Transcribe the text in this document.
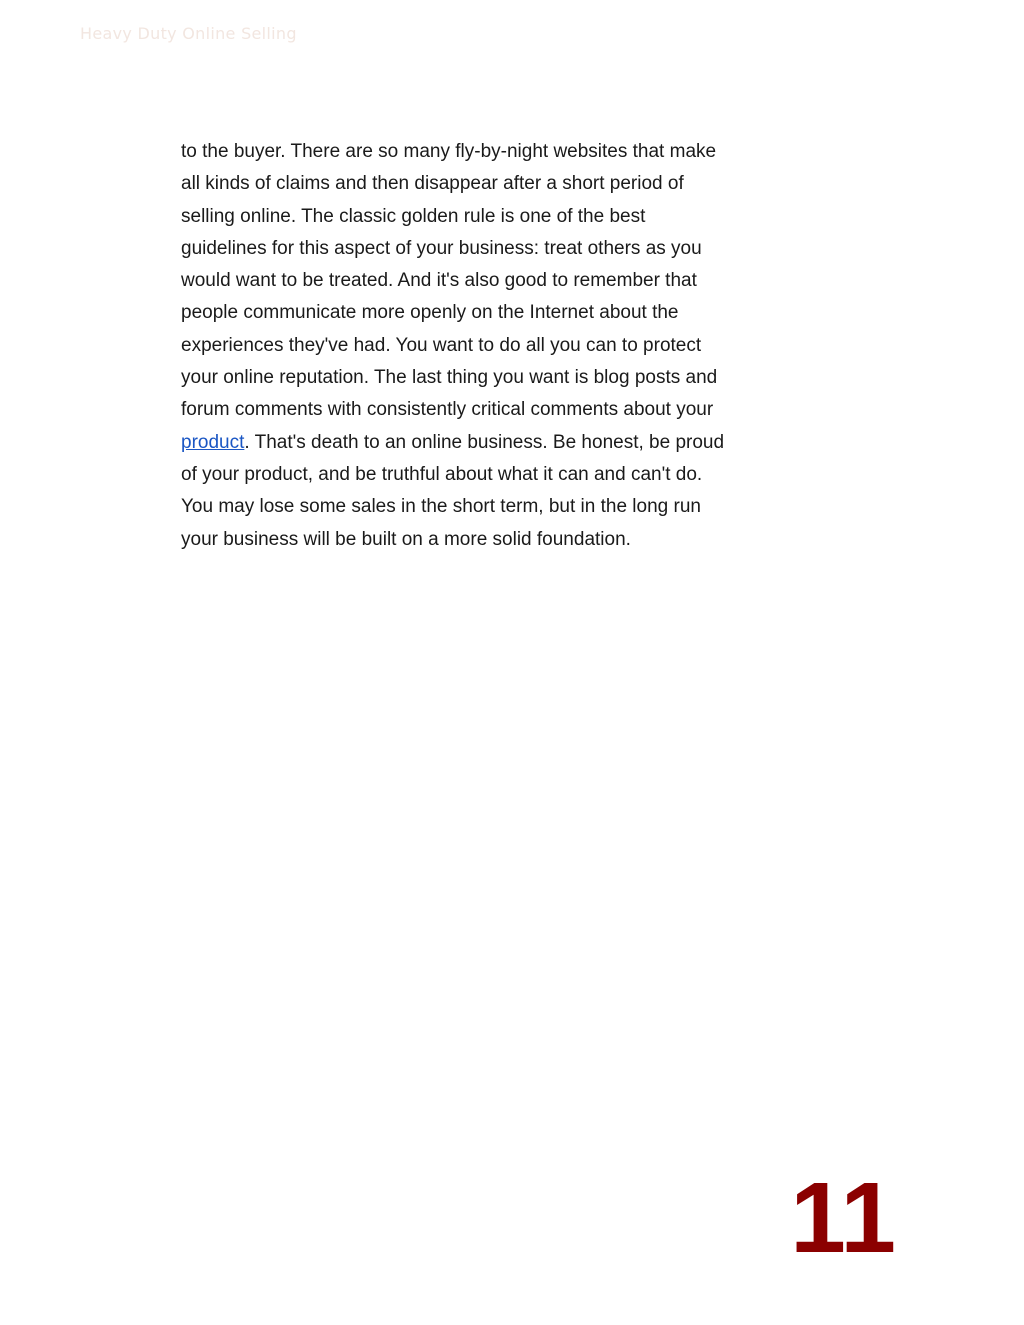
Heavy Duty Online Selling

to the buyer. There are so many fly-by-night websites that make all kinds of claims and then disappear after a short period of selling online. The classic golden rule is one of the best guidelines for this aspect of your business: treat others as you would want to be treated. And it's also good to remember that people communicate more openly on the Internet about the experiences they've had. You want to do all you can to protect your online reputation. The last thing you want is blog posts and forum comments with consistently critical comments about your product. That's death to an online business. Be honest, be proud of your product, and be truthful about what it can and can't do. You may lose some sales in the short term, but in the long run your business will be built on a more solid foundation.

11
